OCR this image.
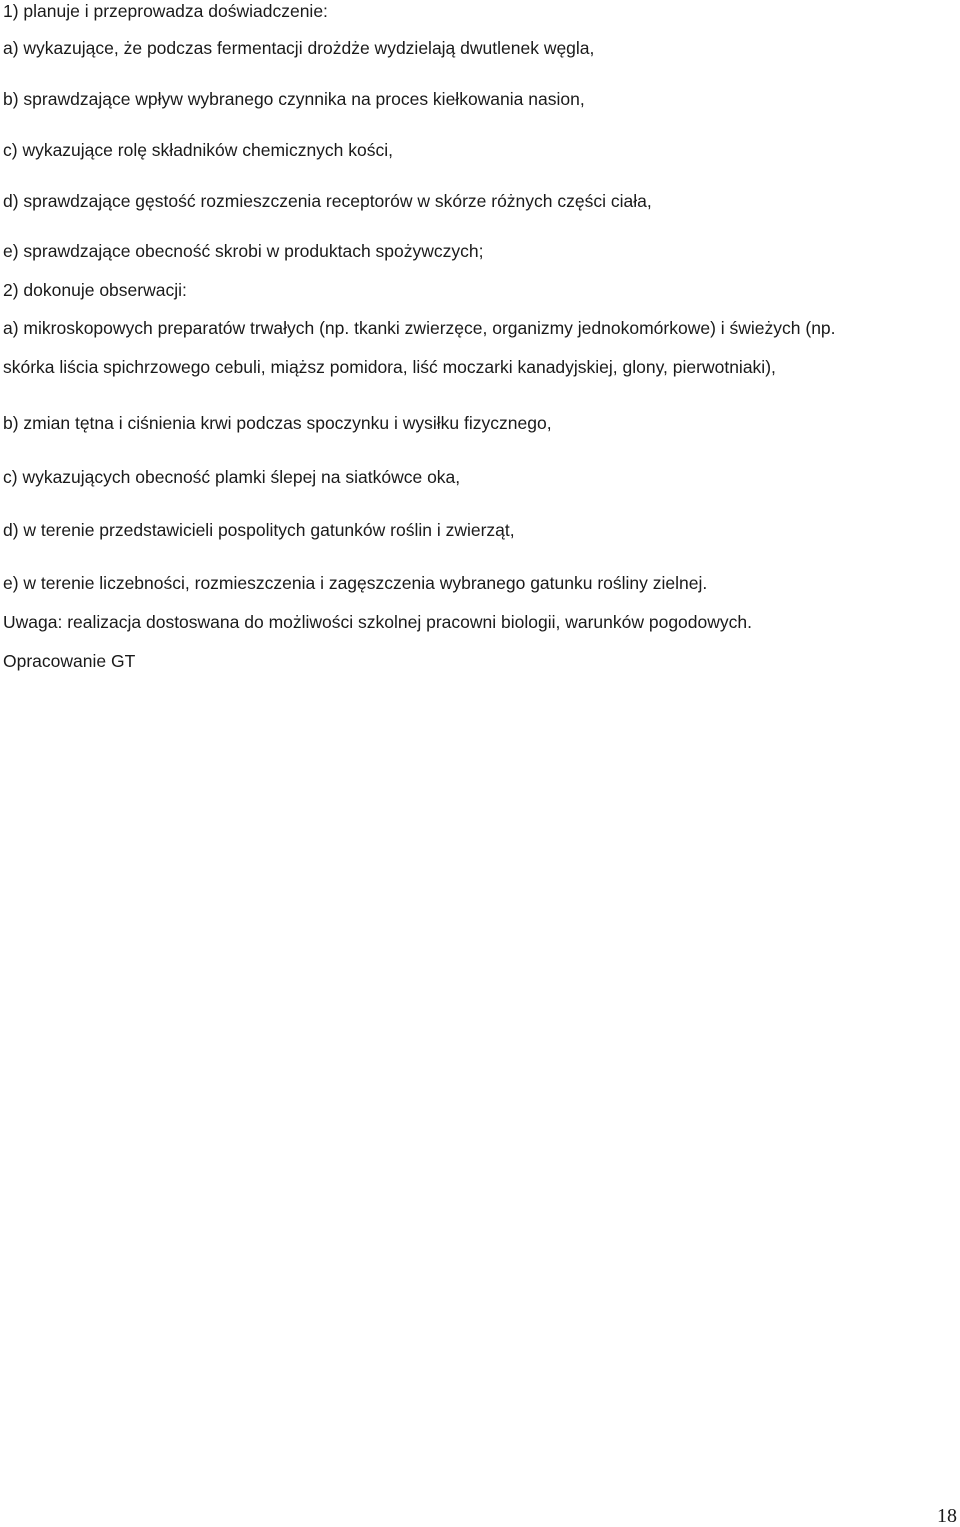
1) planuje i przeprowadza doświadczenie:
a) wykazujące, że podczas fermentacji drożdże wydzielają dwutlenek węgla,
b) sprawdzające wpływ wybranego czynnika na proces kiełkowania nasion,
c) wykazujące rolę składników chemicznych kości,
d) sprawdzające gęstość rozmieszczenia receptorów w skórze różnych części ciała,
e) sprawdzające obecność skrobi w produktach spożywczych;
2) dokonuje obserwacji:
a) mikroskopowych preparatów trwałych (np. tkanki zwierzęce, organizmy jednokomórkowe) i świeżych (np.
skórka liścia spichrzowego cebuli, miąższ pomidora, liść moczarki kanadyjskiej, glony, pierwotniaki),
b) zmian tętna i ciśnienia krwi podczas spoczynku i wysiłku fizycznego,
c) wykazujących obecność plamki ślepej na siatkówce oka,
d) w terenie przedstawicieli pospolitych gatunków roślin i zwierząt,
e) w terenie liczebności, rozmieszczenia i zagęszczenia wybranego gatunku rośliny zielnej.
Uwaga: realizacja dostoswana do możliwości szkolnej pracowni biologii, warunków pogodowych.
Opracowanie GT
18
